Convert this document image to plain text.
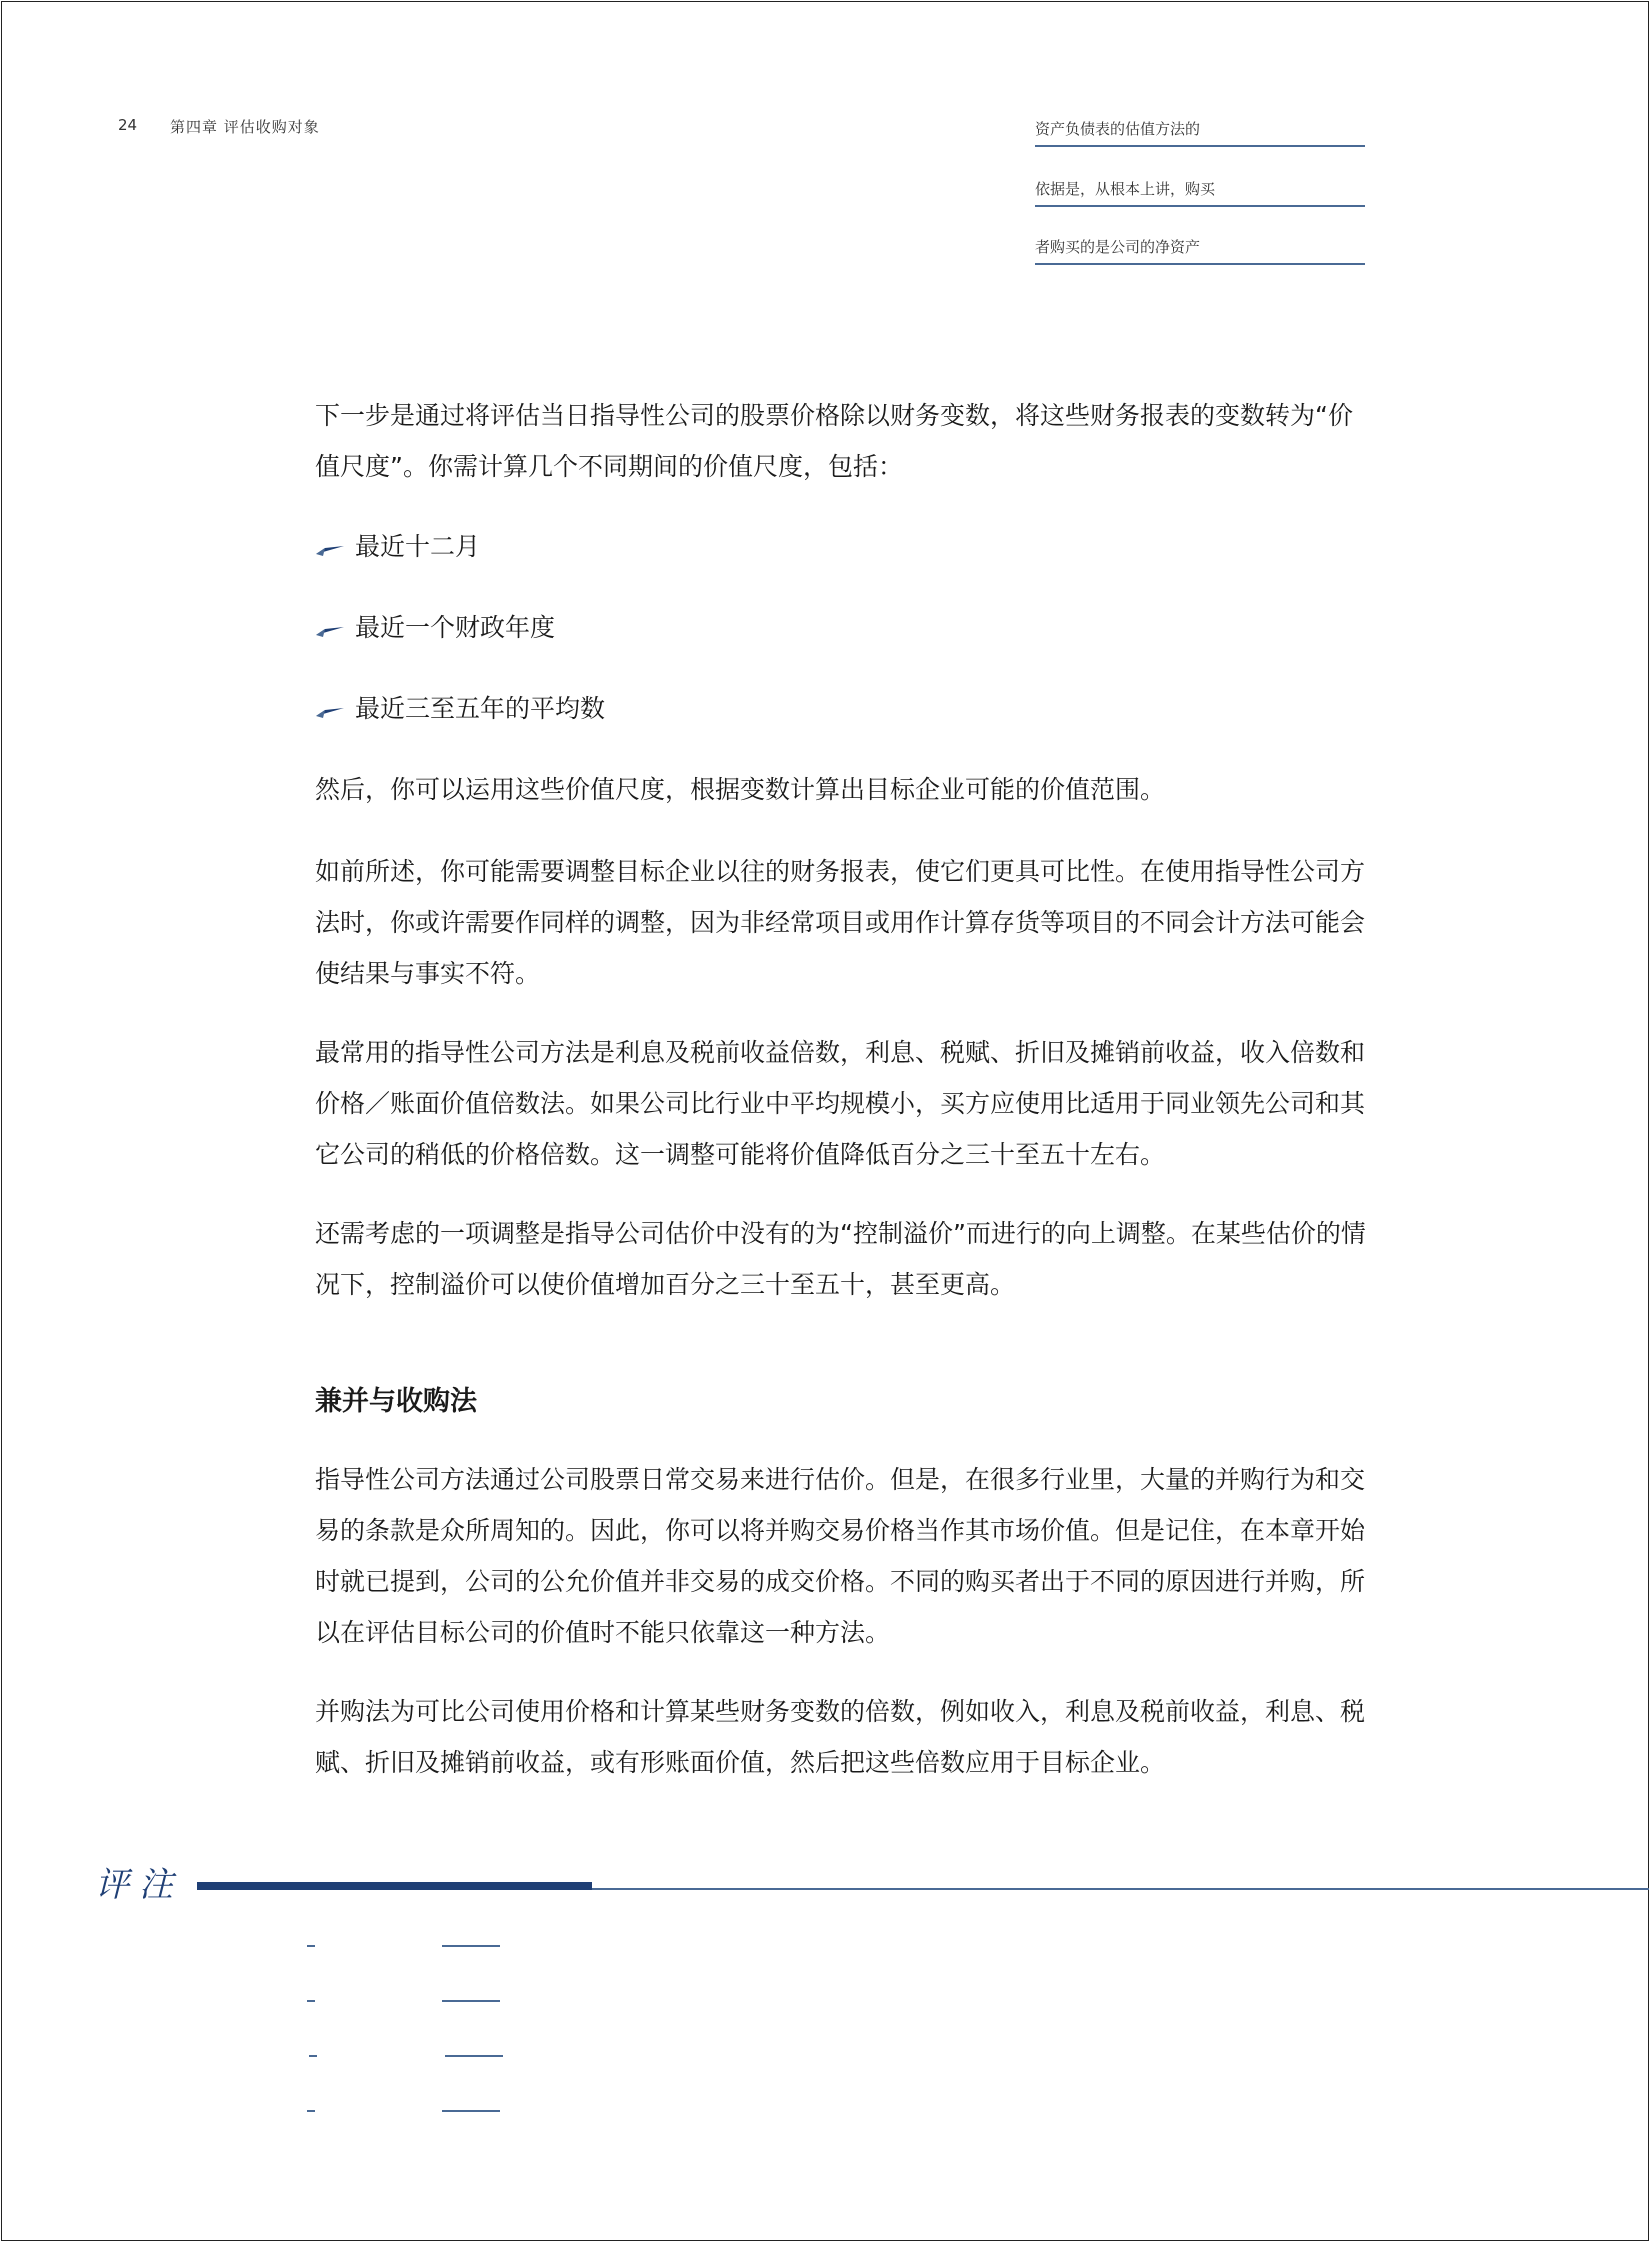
24 第四章 评估收购对象	资产负债表的估值方法的
依据是，从根本上讲，购买
者购买的是公司的净资产
下一步是通过将评估当日指导性公司的股票价格除以财务变数，将这些财务报表的变数转为“价值尺度”。你需计算几个不同期间的价值尺度，包括：
最近十二月
最近一个财政年度
最近三至五年的平均数
然后，你可以运用这些价值尺度，根据变数计算出目标企业可能的价值范围。
如前所述，你可能需要调整目标企业以往的财务报表，使它们更具可比性。在使用指导性公司方法时，你或许需要作同样的调整，因为非经常项目或用作计算存货等项目的不同会计方法可能会使结果与事实不符。
最常用的指导性公司方法是利息及税前收益倍数，利息、税赋、折旧及摊销前收益，收入倍数和价格／账面价值倍数法。如果公司比行业中平均规模小，买方应使用比适用于同业领先公司和其它公司的稍低的价格倍数。这一调整可能将价值降低百分之三十至五十左右。
还需考虑的一项调整是指导公司估价中没有的为“控制溢价”而进行的向上调整。在某些估价的情况下，控制溢价可以使价值增加百分之三十至五十，甚至更高。
兼并与收购法
指导性公司方法通过公司股票日常交易来进行估价。但是，在很多行业里，大量的并购行为和交易的条款是众所周知的。因此，你可以将并购交易价格当作其市场价值。但是记住，在本章开始时就已提到，公司的公允价值并非交易的成交价格。不同的购买者出于不同的原因进行并购，所以在评估目标公司的价值时不能只依靠这一种方法。
并购法为可比公司使用价格和计算某些财务变数的倍数，例如收入，利息及税前收益，利息、税赋、折旧及摊销前收益，或有形账面价值，然后把这些倍数应用于目标企业。
评注
